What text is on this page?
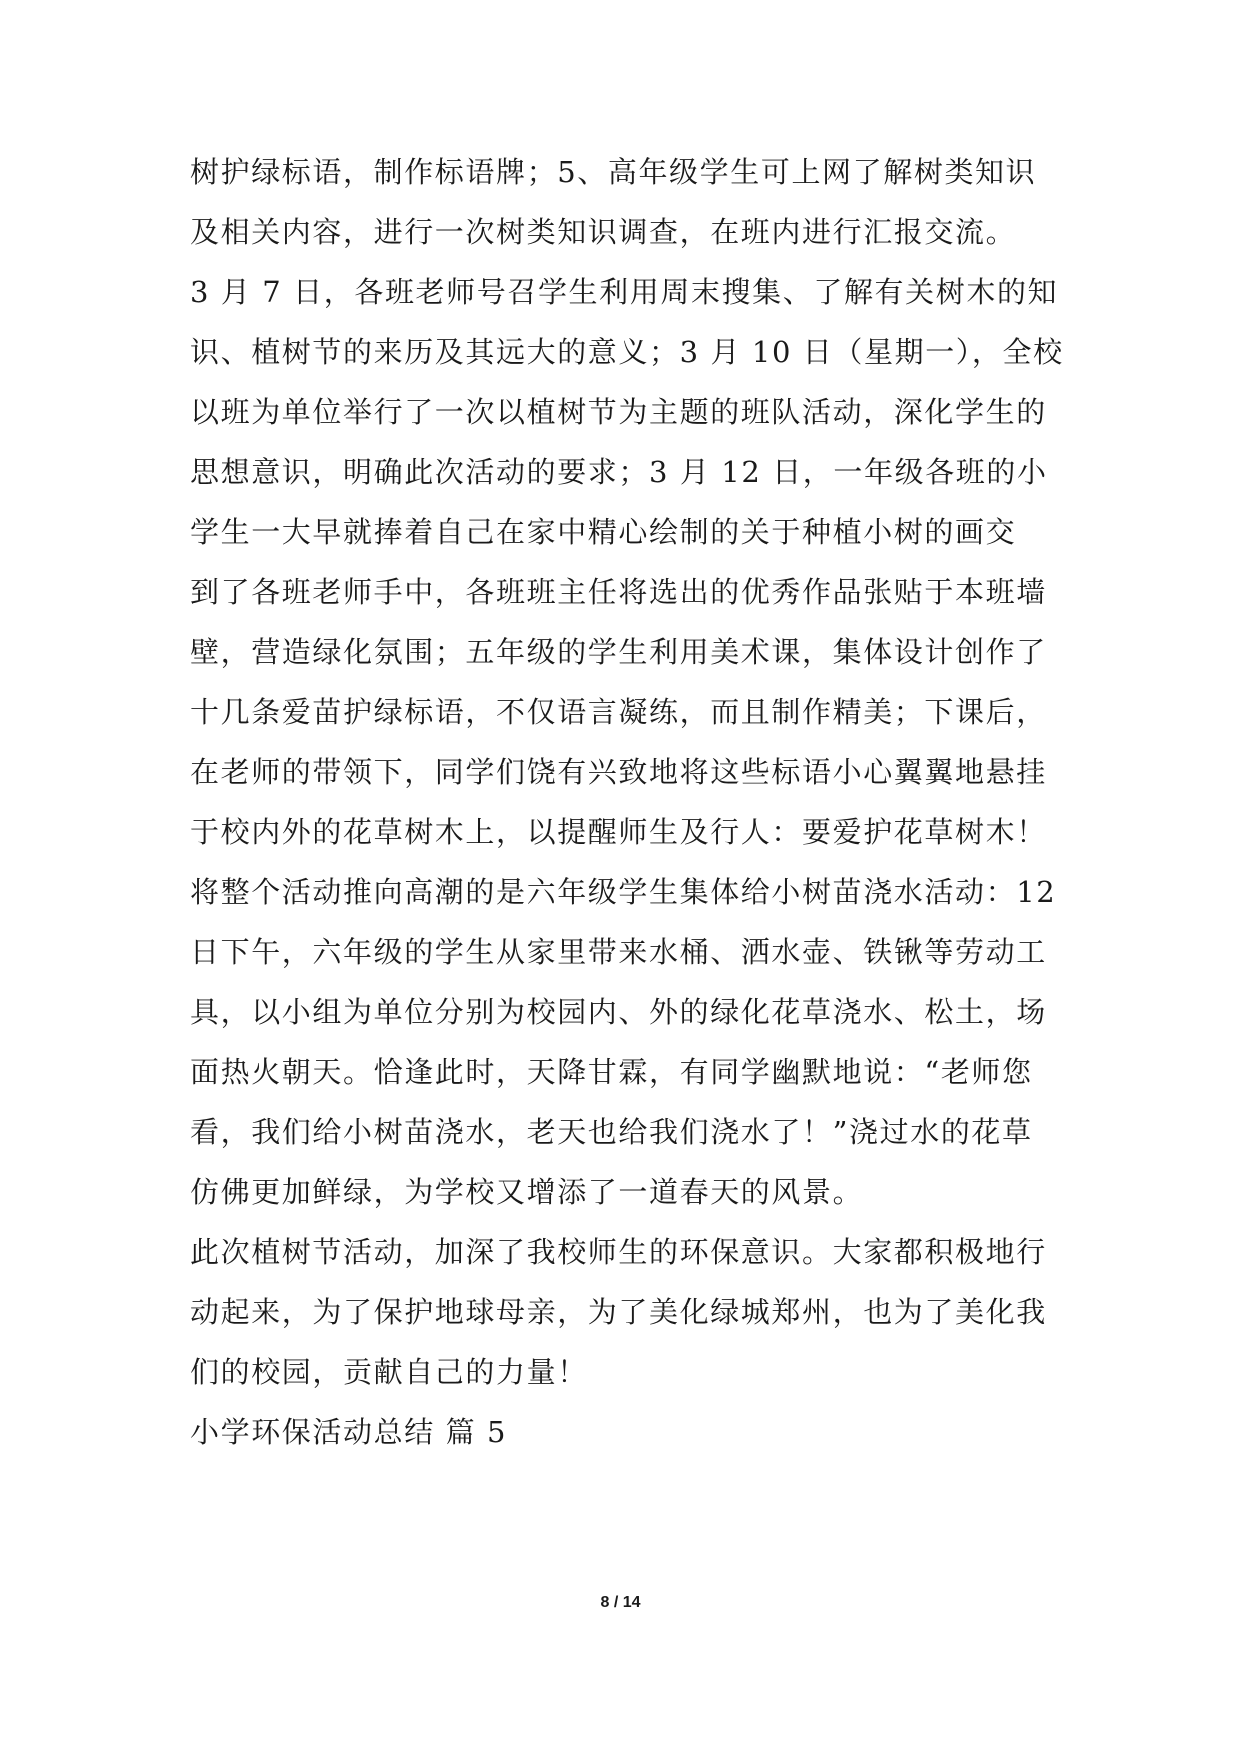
树护绿标语，制作标语牌；5、高年级学生可上网了解树类知识
及相关内容，进行一次树类知识调查，在班内进行汇报交流。
3 月 7 日，各班老师号召学生利用周末搜集、了解有关树木的知
识、植树节的来历及其远大的意义；3 月 10 日（星期一），全校
以班为单位举行了一次以植树节为主题的班队活动，深化学生的
思想意识，明确此次活动的要求；3 月 12 日，一年级各班的小
学生一大早就捧着自己在家中精心绘制的关于种植小树的画交
到了各班老师手中，各班班主任将选出的优秀作品张贴于本班墙
壁，营造绿化氛围；五年级的学生利用美术课，集体设计创作了
十几条爱苗护绿标语，不仅语言凝练，而且制作精美；下课后，
在老师的带领下，同学们饶有兴致地将这些标语小心翼翼地悬挂
于校内外的花草树木上，以提醒师生及行人：要爱护花草树木！
将整个活动推向高潮的是六年级学生集体给小树苗浇水活动：12
日下午，六年级的学生从家里带来水桶、洒水壶、铁锹等劳动工
具，以小组为单位分别为校园内、外的绿化花草浇水、松土，场
面热火朝天。恰逢此时，天降甘霖，有同学幽默地说：“老师您
看，我们给小树苗浇水，老天也给我们浇水了！”浇过水的花草
仿佛更加鲜绿，为学校又增添了一道春天的风景。
此次植树节活动，加深了我校师生的环保意识。大家都积极地行
动起来，为了保护地球母亲，为了美化绿城郑州，也为了美化我
们的校园，贡献自己的力量！
小学环保活动总结 篇 5
8 / 14
